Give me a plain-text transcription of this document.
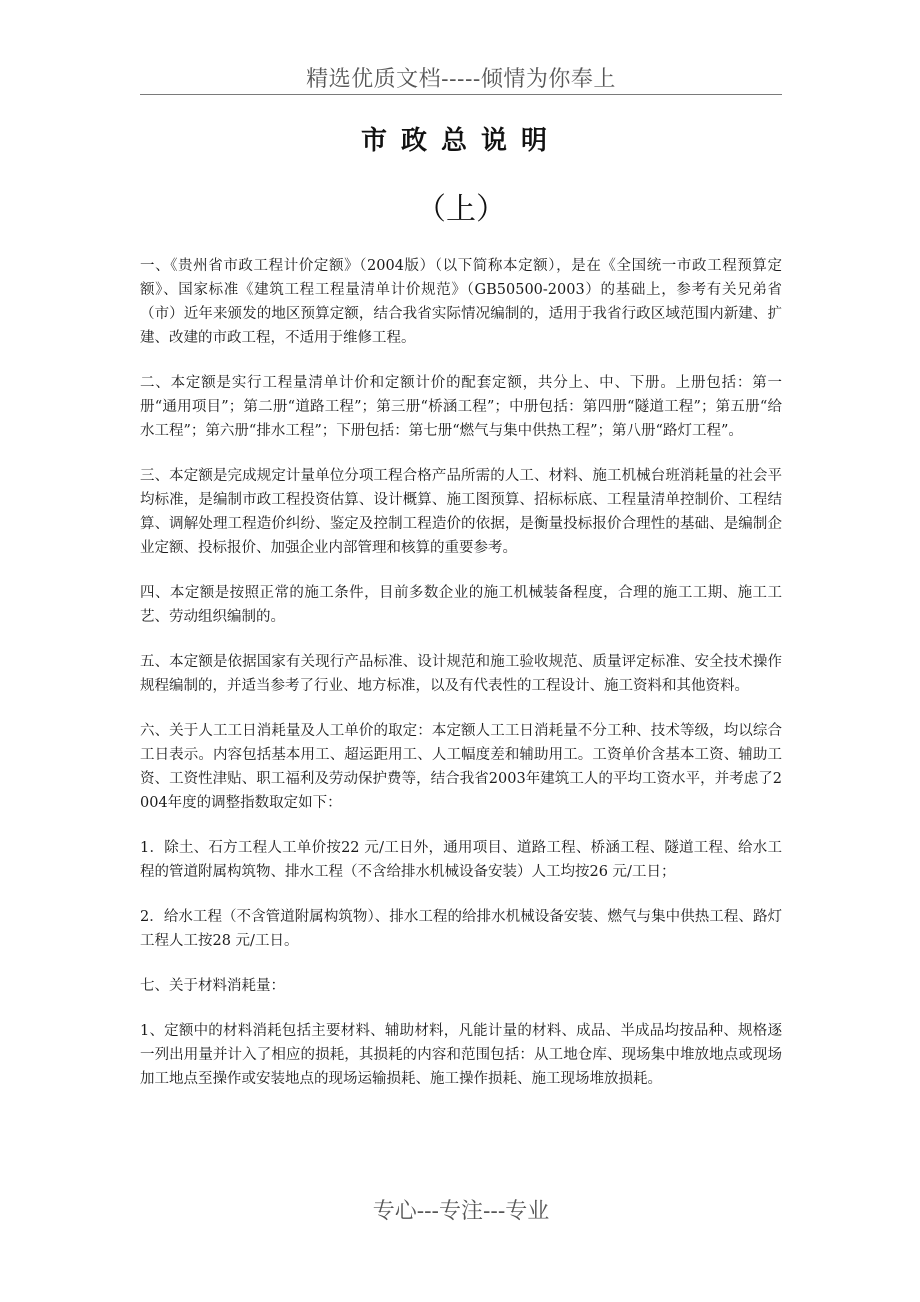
精选优质文档-----倾情为你奉上
市政总说明
（上）

一、《贵州省市政工程计价定额》（2004版）（以下简称本定额），是在《全国统一市政工程预算定额》、国家标准《建筑工程工程量清单计价规范》（GB50500-2003）的基础上，参考有关兄弟省（市）近年来颁发的地区预算定额，结合我省实际情况编制的，适用于我省行政区域范围内新建、扩建、改建的市政工程，不适用于维修工程。

二、本定额是实行工程量清单计价和定额计价的配套定额，共分上、中、下册。上册包括：第一册“通用项目”；第二册“道路工程”；第三册“桥涵工程”；中册包括：第四册“隧道工程”；第五册“给水工程”；第六册“排水工程”；下册包括：第七册“燃气与集中供热工程”；第八册“路灯工程”。

三、本定额是完成规定计量单位分项工程合格产品所需的人工、材料、施工机械台班消耗量的社会平均标准，是编制市政工程投资估算、设计概算、施工图预算、招标标底、工程量清单控制价、工程结算、调解处理工程造价纠纷、鉴定及控制工程造价的依据，是衡量投标报价合理性的基础、是编制企业定额、投标报价、加强企业内部管理和核算的重要参考。

四、本定额是按照正常的施工条件，目前多数企业的施工机械装备程度，合理的施工工期、施工工艺、劳动组织编制的。

五、本定额是依据国家有关现行产品标准、设计规范和施工验收规范、质量评定标准、安全技术操作规程编制的，并适当参考了行业、地方标准，以及有代表性的工程设计、施工资料和其他资料。

六、关于人工工日消耗量及人工单价的取定：本定额人工工日消耗量不分工种、技术等级，均以综合工日表示。内容包括基本用工、超运距用工、人工幅度差和辅助用工。工资单价含基本工资、辅助工资、工资性津贴、职工福利及劳动保护费等，结合我省2003年建筑工人的平均工资水平，并考虑了2004年度的调整指数取定如下：

1．除土、石方工程人工单价按22 元/工日外，通用项目、道路工程、桥涵工程、隧道工程、给水工程的管道附属构筑物、排水工程（不含给排水机械设备安装）人工均按26 元/工日；

2．给水工程（不含管道附属构筑物）、排水工程的给排水机械设备安装、燃气与集中供热工程、路灯工程人工按28 元/工日。

七、关于材料消耗量：

1、定额中的材料消耗包括主要材料、辅助材料，凡能计量的材料、成品、半成品均按品种、规格逐一列出用量并计入了相应的损耗，其损耗的内容和范围包括：从工地仓库、现场集中堆放地点或现场加工地点至操作或安装地点的现场运输损耗、施工操作损耗、施工现场堆放损耗。

专心---专注---专业
